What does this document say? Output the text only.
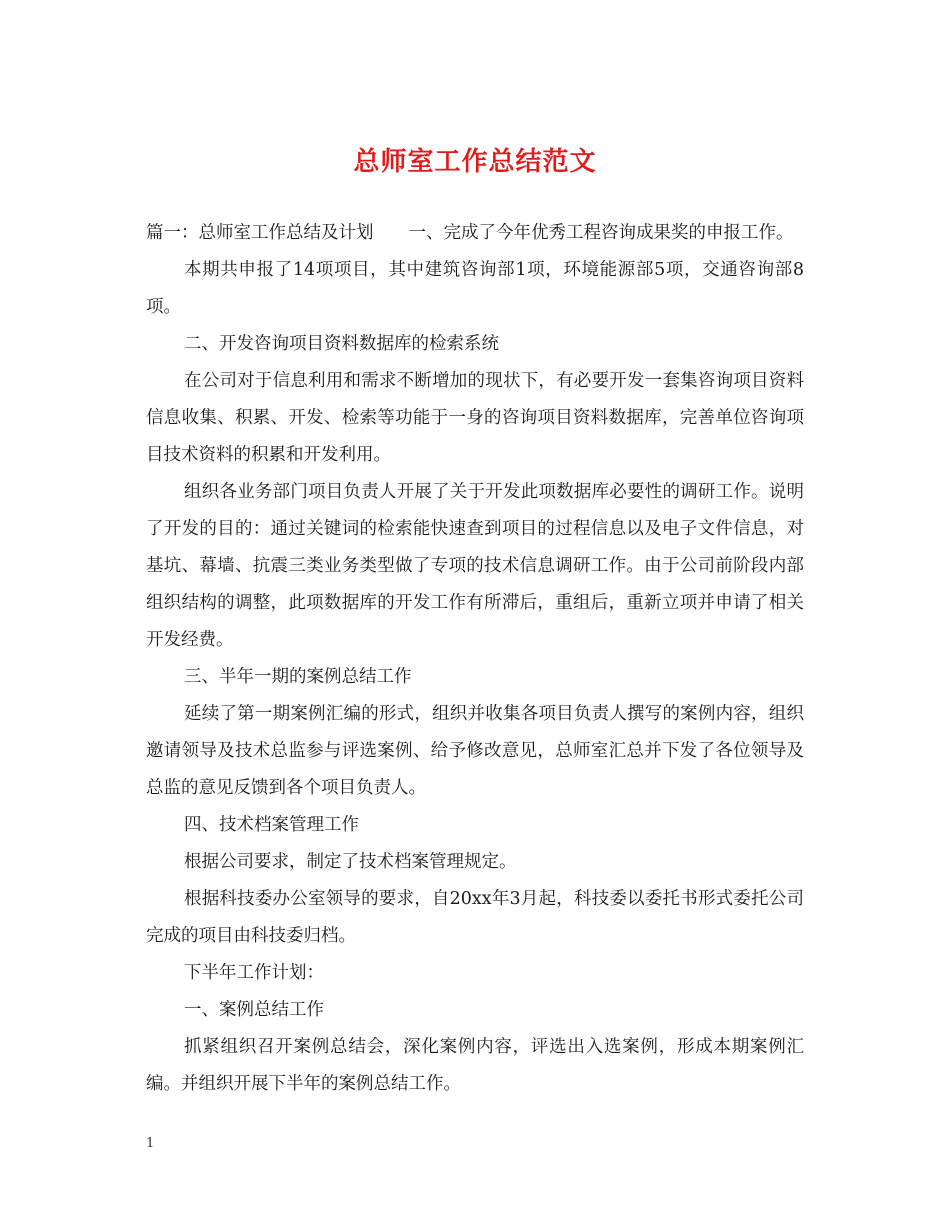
总师室工作总结范文

篇一：总师室工作总结及计划　　一、完成了今年优秀工程咨询成果奖的申报工作。

本期共申报了14项项目，其中建筑咨询部1项，环境能源部5项，交通咨询部8项。

二、开发咨询项目资料数据库的检索系统

在公司对于信息利用和需求不断增加的现状下，有必要开发一套集咨询项目资料信息收集、积累、开发、检索等功能于一身的咨询项目资料数据库，完善单位咨询项目技术资料的积累和开发利用。

组织各业务部门项目负责人开展了关于开发此项数据库必要性的调研工作。说明了开发的目的：通过关键词的检索能快速查到项目的过程信息以及电子文件信息，对基坑、幕墙、抗震三类业务类型做了专项的技术信息调研工作。由于公司前阶段内部组织结构的调整，此项数据库的开发工作有所滞后，重组后，重新立项并申请了相关开发经费。

三、半年一期的案例总结工作

延续了第一期案例汇编的形式，组织并收集各项目负责人撰写的案例内容，组织邀请领导及技术总监参与评选案例、给予修改意见，总师室汇总并下发了各位领导及总监的意见反馈到各个项目负责人。

四、技术档案管理工作

根据公司要求，制定了技术档案管理规定。

根据科技委办公室领导的要求，自20xx年3月起，科技委以委托书形式委托公司完成的项目由科技委归档。

下半年工作计划：

一、案例总结工作

抓紧组织召开案例总结会，深化案例内容，评选出入选案例，形成本期案例汇编。并组织开展下半年的案例总结工作。

1
